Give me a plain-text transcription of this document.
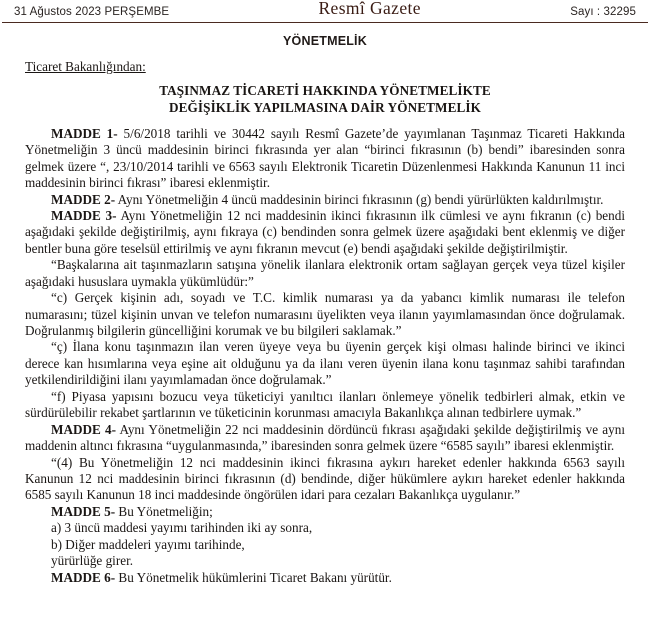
31 Ağustos 2023 PERŞEMBE	Resmî Gazete	Sayı : 32295
YÖNETMELİK
Ticaret Bakanlığından:
TAŞINMAZ TİCARETİ HAKKINDA YÖNETMELİKTE
DEĞİŞİKLİK YAPILMASINA DAİR YÖNETMELİK

MADDE 1- 5/6/2018 tarihli ve 30442 sayılı Resmî Gazete’de yayımlanan Taşınmaz Ticareti Hakkında Yönetmeliğin 3 üncü maddesinin birinci fıkrasında yer alan “birinci fıkrasının (b) bendi” ibaresinden sonra gelmek üzere “, 23/10/2014 tarihli ve 6563 sayılı Elektronik Ticaretin Düzenlenmesi Hakkında Kanunun 11 inci maddesinin birinci fıkrası” ibaresi eklenmiştir.

MADDE 2- Aynı Yönetmeliğin 4 üncü maddesinin birinci fıkrasının (g) bendi yürürlükten kaldırılmıştır.

MADDE 3- Aynı Yönetmeliğin 12 nci maddesinin ikinci fıkrasının ilk cümlesi ve aynı fıkranın (c) bendi aşağıdaki şekilde değiştirilmiş, aynı fıkraya (c) bendinden sonra gelmek üzere aşağıdaki bent eklenmiş ve diğer bentler buna göre teselsül ettirilmiş ve aynı fıkranın mevcut (e) bendi aşağıdaki şekilde değiştirilmiştir.

“Başkalarına ait taşınmazların satışına yönelik ilanlara elektronik ortam sağlayan gerçek veya tüzel kişiler aşağıdaki hususlara uymakla yükümlüdür:”

“c) Gerçek kişinin adı, soyadı ve T.C. kimlik numarası ya da yabancı kimlik numarası ile telefon numarasını; tüzel kişinin unvan ve telefon numarasını üyelikten veya ilanın yayımlamasından önce doğrulamak. Doğrulanmış bilgilerin güncelliğini korumak ve bu bilgileri saklamak.”

“ç) İlana konu taşınmazın ilan veren üyeye veya bu üyenin gerçek kişi olması halinde birinci ve ikinci derece kan hısımlarına veya eşine ait olduğunu ya da ilanı veren üyenin ilana konu taşınmaz sahibi tarafından yetkilendirildiğini ilanı yayımlamadan önce doğrulamak.”

“f) Piyasa yapısını bozucu veya tüketiciyi yanıltıcı ilanları önlemeye yönelik tedbirleri almak, etkin ve sürdürülebilir rekabet şartlarının ve tüketicinin korunması amacıyla Bakanlıkça alınan tedbirlere uymak.”

MADDE 4- Aynı Yönetmeliğin 22 nci maddesinin dördüncü fıkrası aşağıdaki şekilde değiştirilmiş ve aynı maddenin altıncı fıkrasına “uygulanmasında,” ibaresinden sonra gelmek üzere “6585 sayılı” ibaresi eklenmiştir.

“(4) Bu Yönetmeliğin 12 nci maddesinin ikinci fıkrasına aykırı hareket edenler hakkında 6563 sayılı Kanunun 12 nci maddesinin birinci fıkrasının (d) bendinde, diğer hükümlere aykırı hareket edenler hakkında 6585 sayılı Kanunun 18 inci maddesinde öngörülen idari para cezaları Bakanlıkça uygulanır.”

MADDE 5- Bu Yönetmeliğin;

a) 3 üncü maddesi yayımı tarihinden iki ay sonra,

b) Diğer maddeleri yayımı tarihinde,

yürürlüğe girer.

MADDE 6- Bu Yönetmelik hükümlerini Ticaret Bakanı yürütür.
